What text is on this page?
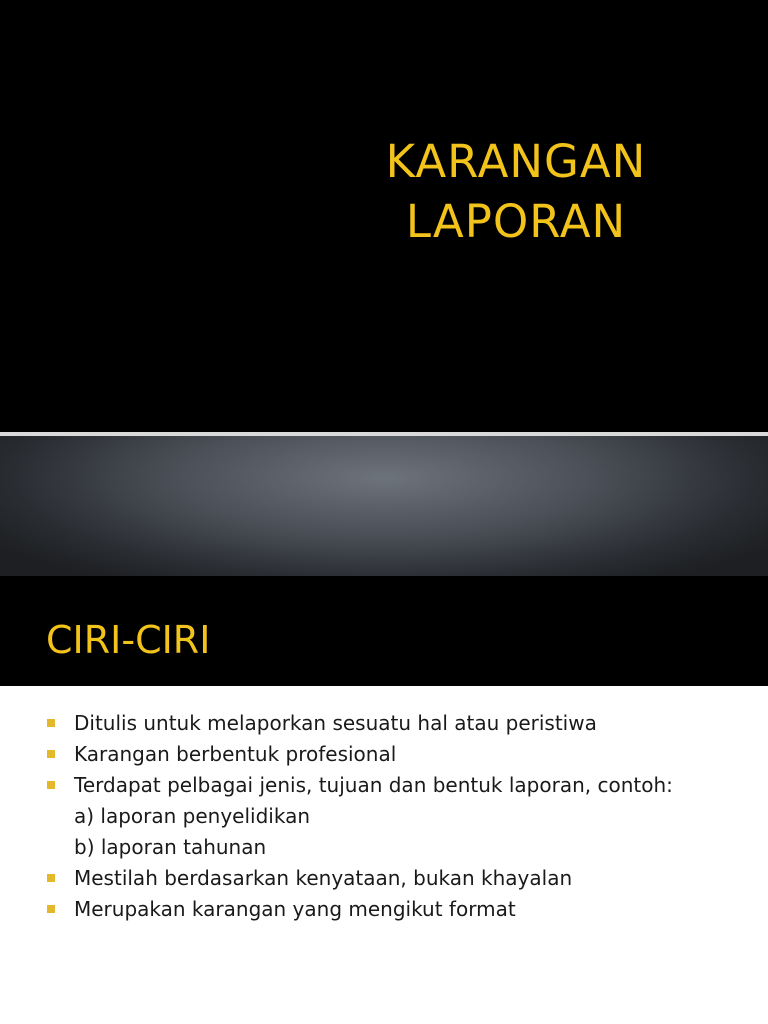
KARANGAN
LAPORAN
CIRI-CIRI
Ditulis untuk melaporkan sesuatu hal atau peristiwa
Karangan berbentuk profesional
Terdapat pelbagai jenis, tujuan dan bentuk laporan, contoh:
a) laporan penyelidikan
b) laporan tahunan
Mestilah berdasarkan kenyataan, bukan khayalan
Merupakan karangan yang mengikut format
